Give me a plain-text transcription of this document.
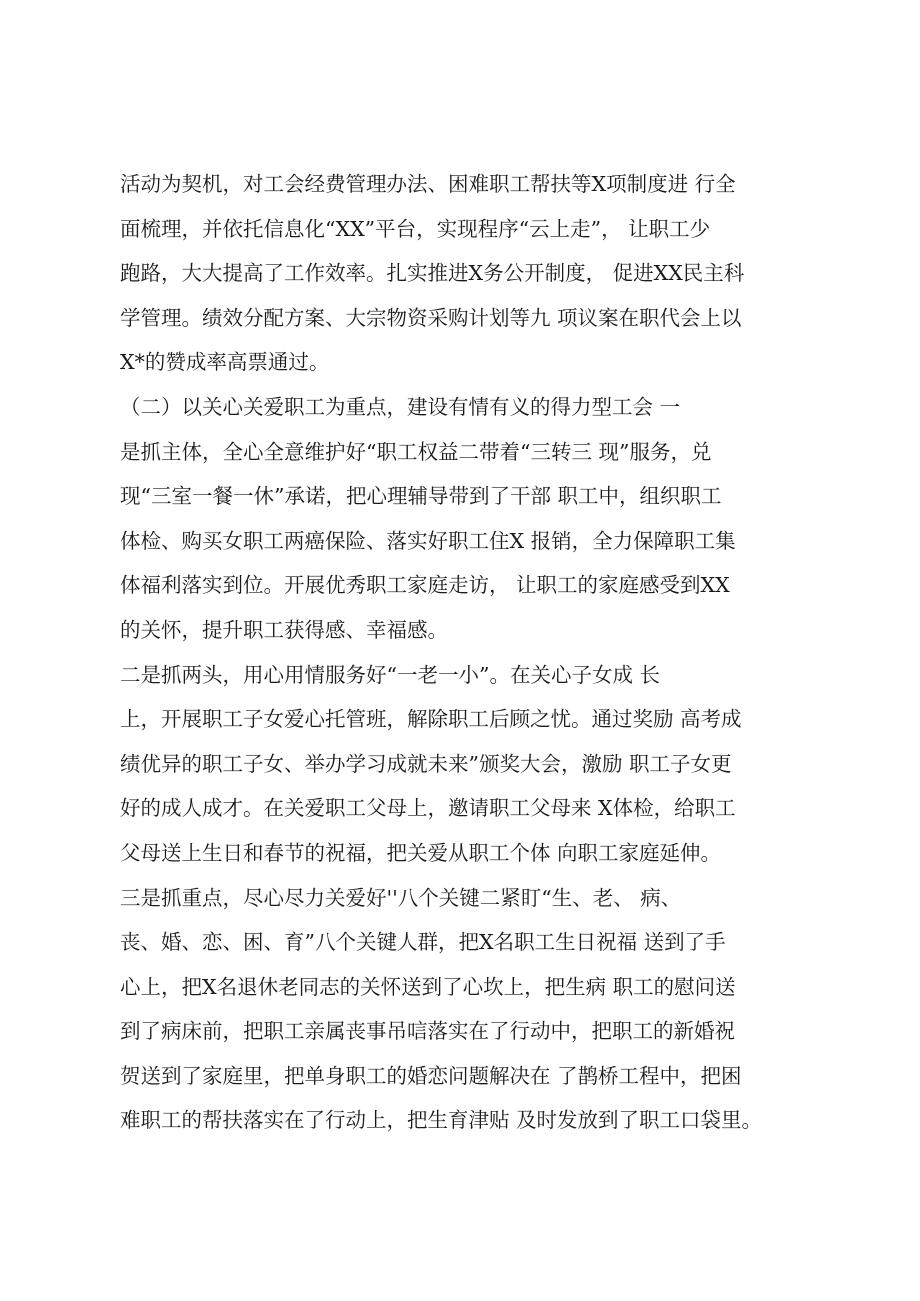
活动为契机，对工会经费管理办法、困难职工帮扶等X项制度进 行全
面梳理，并依托信息化“XX”平台，实现程序“云上走”， 让职工少
跑路，大大提高了工作效率。扎实推进X务公开制度， 促进XX民主科
学管理。绩效分配方案、大宗物资采购计划等九 项议案在职代会上以
X*的赞成率高票通过。
（二）以关心关爱职工为重点，建设有情有义的得力型工会 一
是抓主体，全心全意维护好“职工权益二带着“三转三 现”服务，兑
现“三室一餐一休”承诺，把心理辅导带到了干部 职工中，组织职工
体检、购买女职工两癌保险、落实好职工住X 报销，全力保障职工集
体福利落实到位。开展优秀职工家庭走访， 让职工的家庭感受到XX
的关怀，提升职工获得感、幸福感。
二是抓两头，用心用情服务好“一老一小”。在关心子女成 长
上，开展职工子女爱心托管班，解除职工后顾之忧。通过奖励 高考成
绩优异的职工子女、举办学习成就未来”颁奖大会，激励 职工子女更
好的成人成才。在关爱职工父母上，邀请职工父母来 X体检，给职工
父母送上生日和春节的祝福，把关爱从职工个体 向职工家庭延伸。
三是抓重点，尽心尽力关爱好''八个关键二紧盯“生、老、 病、
丧、婚、恋、困、育”八个关键人群，把X名职工生日祝福 送到了手
心上，把X名退休老同志的关怀送到了心坎上，把生病 职工的慰问送
到了病床前，把职工亲属丧事吊唁落实在了行动中，把职工的新婚祝
贺送到了家庭里，把单身职工的婚恋问题解决在 了鹊桥工程中，把困
难职工的帮扶落实在了行动上，把生育津贴 及时发放到了职工口袋里。
